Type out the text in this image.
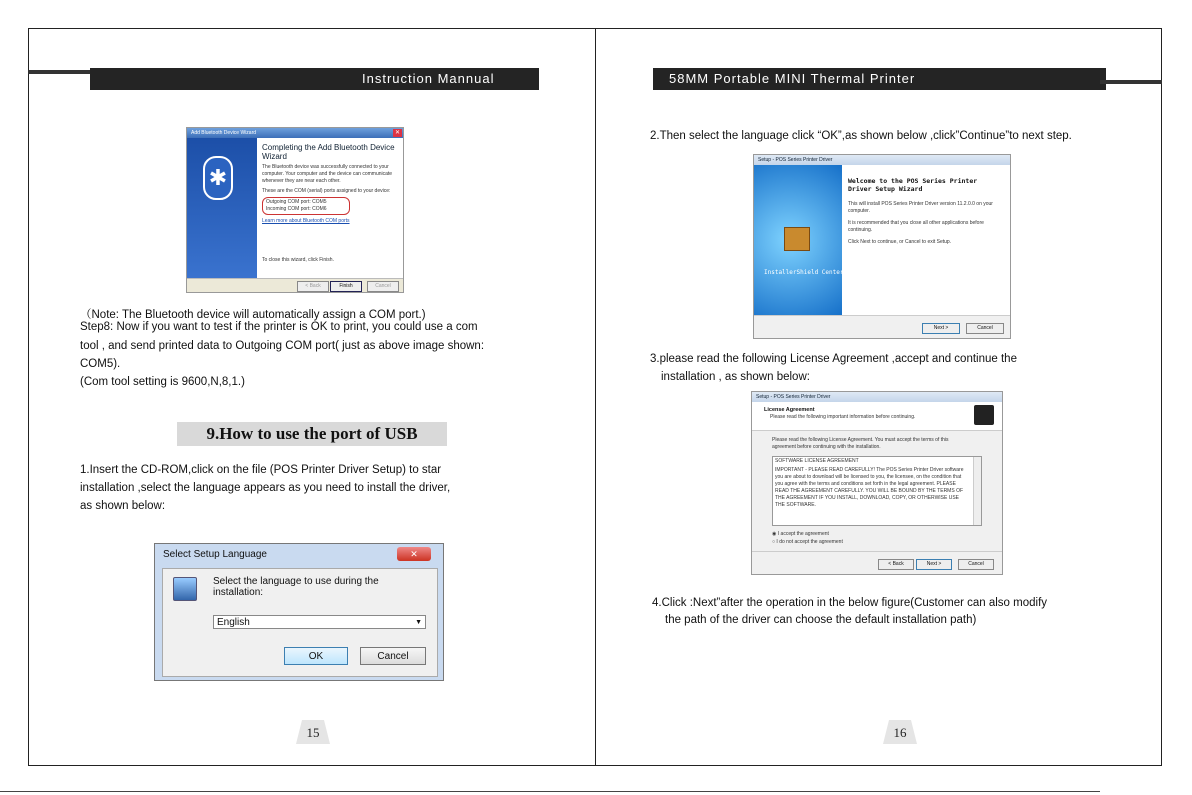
Instruction Mannual
Add Bluetooth Device Wizard	✕
✱
Completing the Add Bluetooth Device Wizard
The Bluetooth device was successfully connected to your computer. Your computer and the device can communicate whenever they are near each other.
These are the COM (serial) ports assigned to your device:
Outgoing COM port: COM5
Incoming COM port: COM6
Learn more about Bluetooth COM ports
To close this wizard, click Finish.
< Back	Finish	Cancel
（Note: The Bluetooth device will automatically assign a COM port.)
Step8: Now if you want to test if the printer is OK to print, you could use a com
tool , and send printed data to Outgoing COM port( just as above image shown:
COM5).
(Com tool setting is 9600,N,8,1.)
9.How to use the port of USB
1.Insert the CD-ROM,click on the file (POS Printer Driver Setup) to star
installation ,select the language appears as you need to install the driver,
as shown below:
Select Setup Language	✕
Select the language to use during the
installation:
English	▼
OK	Cancel
15
58MM Portable MINI Thermal Printer
2.Then select the language click “OK”,as shown below ,click”Continue”to next step.
Setup - POS Series Printer Driver
InstallerShield Center
Welcome to the POS Series Printer Driver Setup Wizard
This will install POS Series Printer Driver version 11.2.0.0 on your computer.
It is recommended that you close all other applications before continuing.
Click Next to continue, or Cancel to exit Setup.
Next >	Cancel
3.please read the following License Agreement ,accept and continue the
installation , as shown below:
Setup - POS Series Printer Driver
License Agreement
Please read the following important information before continuing.
Please read the following License Agreement. You must accept the terms of this agreement before continuing with the installation.
SOFTWARE LICENSE AGREEMENT
IMPORTANT - PLEASE READ CAREFULLY! The POS Series Printer Driver software you are about to download will be licensed to you, the licensee, on the condition that you agree with the terms and conditions set forth in the legal agreement. PLEASE READ THE AGREEMENT CAREFULLY. YOU WILL BE BOUND BY THE TERMS OF THE AGREEMENT IF YOU INSTALL, DOWNLOAD, COPY, OR OTHERWISE USE THE SOFTWARE.
◉ I accept the agreement
○ I do not accept the agreement
< Back	Next >	Cancel
4.Click :Next”after the operation in the below figure(Customer can also modify
the path of the driver can choose the default installation path)
16
